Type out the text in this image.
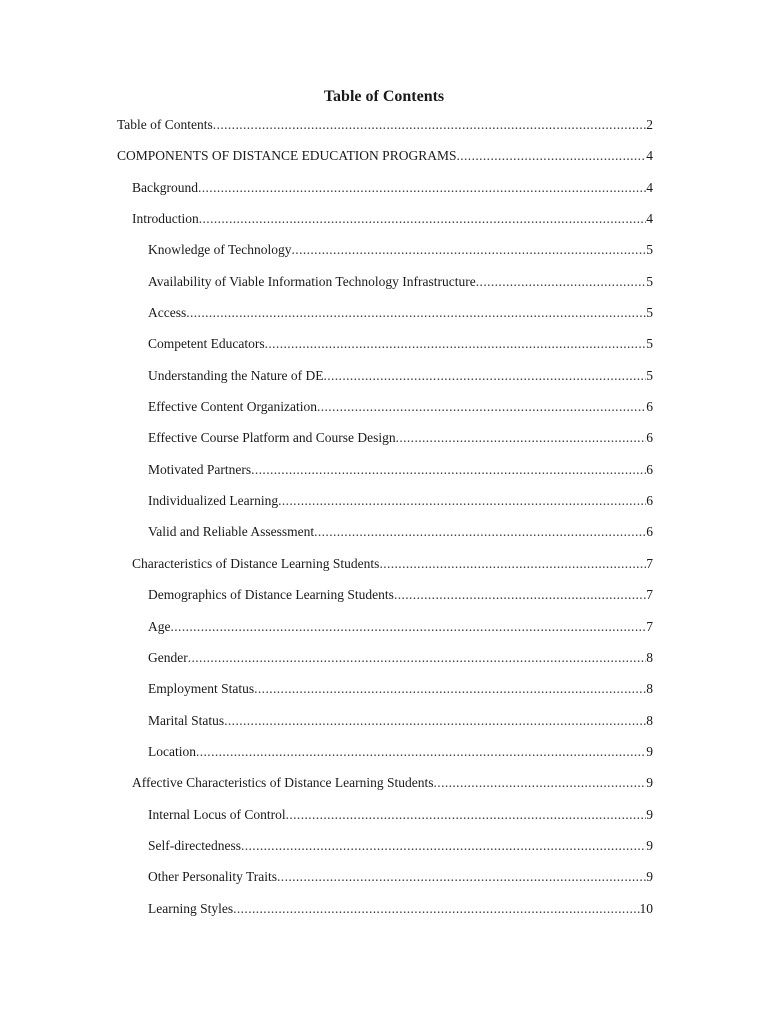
Table of Contents
Table of Contents .....	2
COMPONENTS OF DISTANCE EDUCATION PROGRAMS .....	4
Background .....	4
Introduction .....	4
Knowledge of Technology .....	5
Availability of Viable Information Technology Infrastructure .....	5
Access .....	5
Competent Educators .....	5
Understanding the Nature of DE .....	5
Effective Content Organization .....	6
Effective Course Platform and Course Design .....	6
Motivated Partners .....	6
Individualized Learning .....	6
Valid and Reliable Assessment .....	6
Characteristics of Distance Learning Students .....	7
Demographics of Distance Learning Students .....	7
Age .....	7
Gender .....	8
Employment Status .....	8
Marital Status .....	8
Location .....	9
Affective Characteristics of Distance Learning Students .....	9
Internal Locus of Control .....	9
Self-directedness .....	9
Other Personality Traits .....	9
Learning Styles .....	10
